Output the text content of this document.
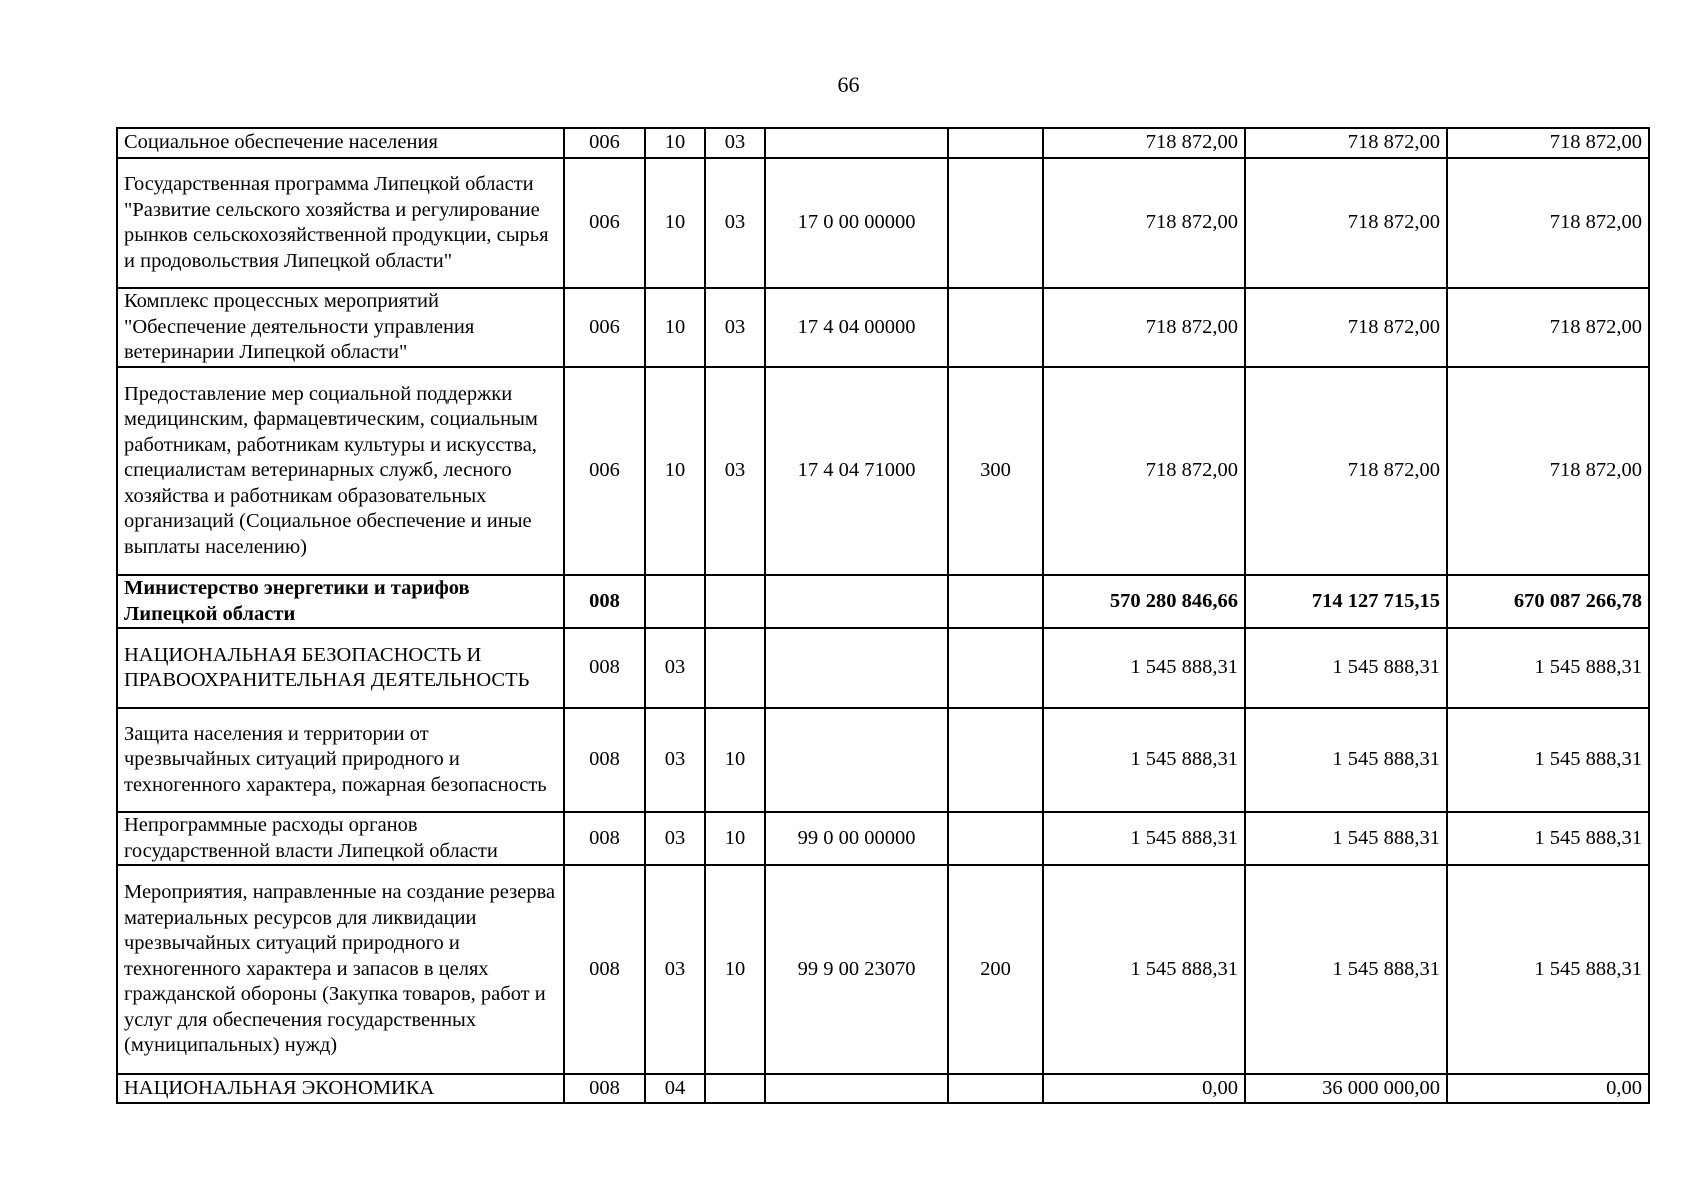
66
Социальное обеспечение населения	006	10	03			718 872,00	718 872,00	718 872,00
Государственная программа Липецкой области "Развитие сельского хозяйства и регулирование рынков сельскохозяйственной продукции, сырья и продовольствия Липецкой области"	006	10	03	17 0 00 00000		718 872,00	718 872,00	718 872,00
Комплекс процессных мероприятий "Обеспечение деятельности управления ветеринарии Липецкой области"	006	10	03	17 4 04 00000		718 872,00	718 872,00	718 872,00
Предоставление мер социальной поддержки медицинским, фармацевтическим, социальным работникам, работникам культуры и искусства, специалистам ветеринарных служб, лесного хозяйства и работникам образовательных организаций (Социальное обеспечение и иные выплаты населению)	006	10	03	17 4 04 71000	300	718 872,00	718 872,00	718 872,00
Министерство энергетики и тарифов Липецкой области	008					570 280 846,66	714 127 715,15	670 087 266,78
НАЦИОНАЛЬНАЯ БЕЗОПАСНОСТЬ И ПРАВООХРАНИТЕЛЬНАЯ ДЕЯТЕЛЬНОСТЬ	008	03				1 545 888,31	1 545 888,31	1 545 888,31
Защита населения и территории от чрезвычайных ситуаций природного и техногенного характера, пожарная безопасность	008	03	10			1 545 888,31	1 545 888,31	1 545 888,31
Непрограммные расходы органов государственной власти Липецкой области	008	03	10	99 0 00 00000		1 545 888,31	1 545 888,31	1 545 888,31
Мероприятия, направленные на создание резерва материальных ресурсов для ликвидации чрезвычайных ситуаций природного и техногенного характера и запасов в целях гражданской обороны (Закупка товаров, работ и услуг для обеспечения государственных (муниципальных) нужд)	008	03	10	99 9 00 23070	200	1 545 888,31	1 545 888,31	1 545 888,31
НАЦИОНАЛЬНАЯ ЭКОНОМИКА	008	04				0,00	36 000 000,00	0,00
